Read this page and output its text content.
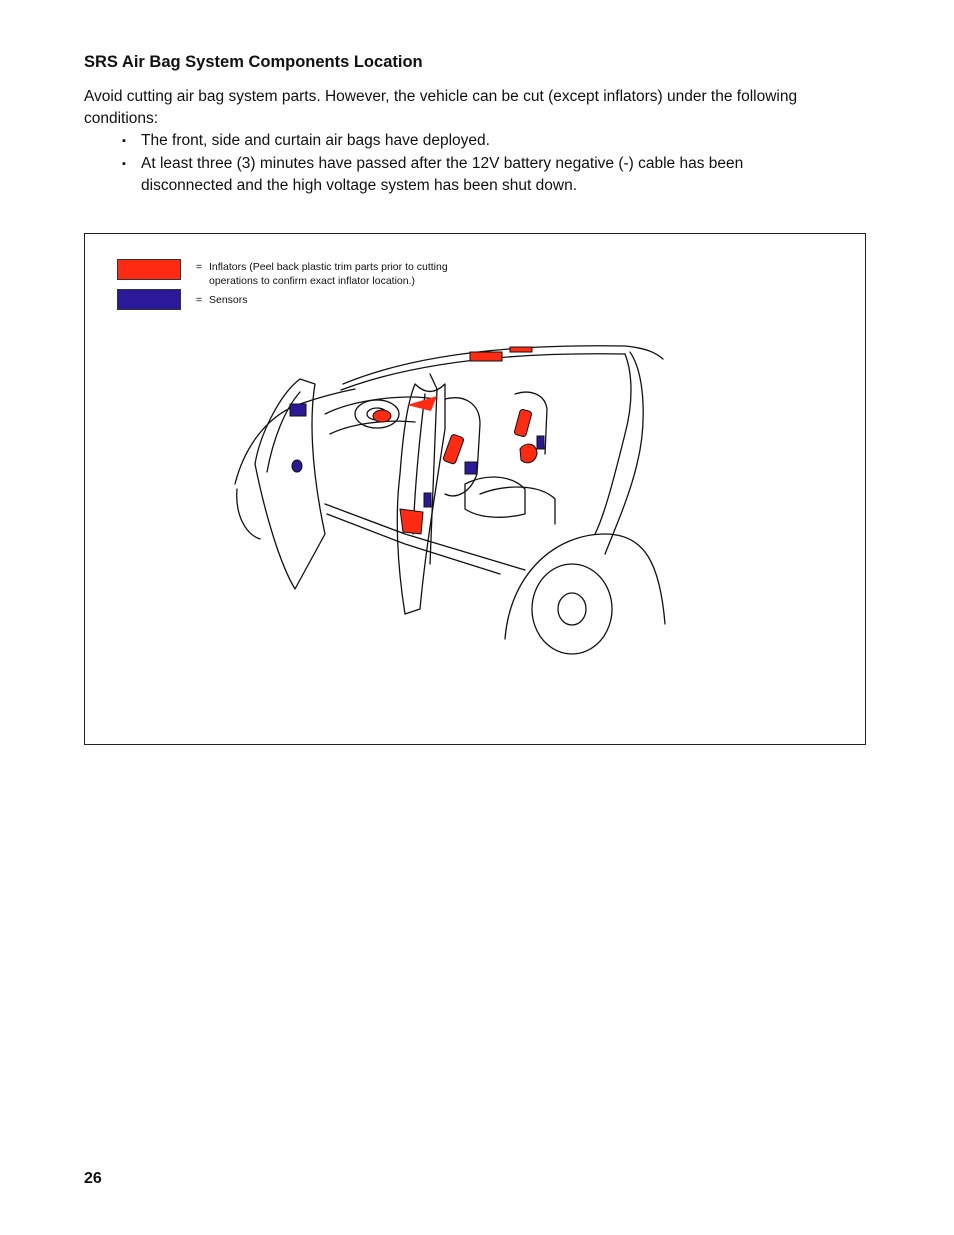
SRS Air Bag System Components Location

Avoid cutting air bag system parts. However, the vehicle can be cut (except inflators) under the following conditions:

▪ The front, side and curtain air bags have deployed.
▪ At least three (3) minutes have passed after the 12V battery negative (-) cable has been disconnected and the high voltage system has been shut down.
= Inflators (Peel back plastic trim parts prior to cutting
operations to confirm exact inflator location.)
= Sensors
26
